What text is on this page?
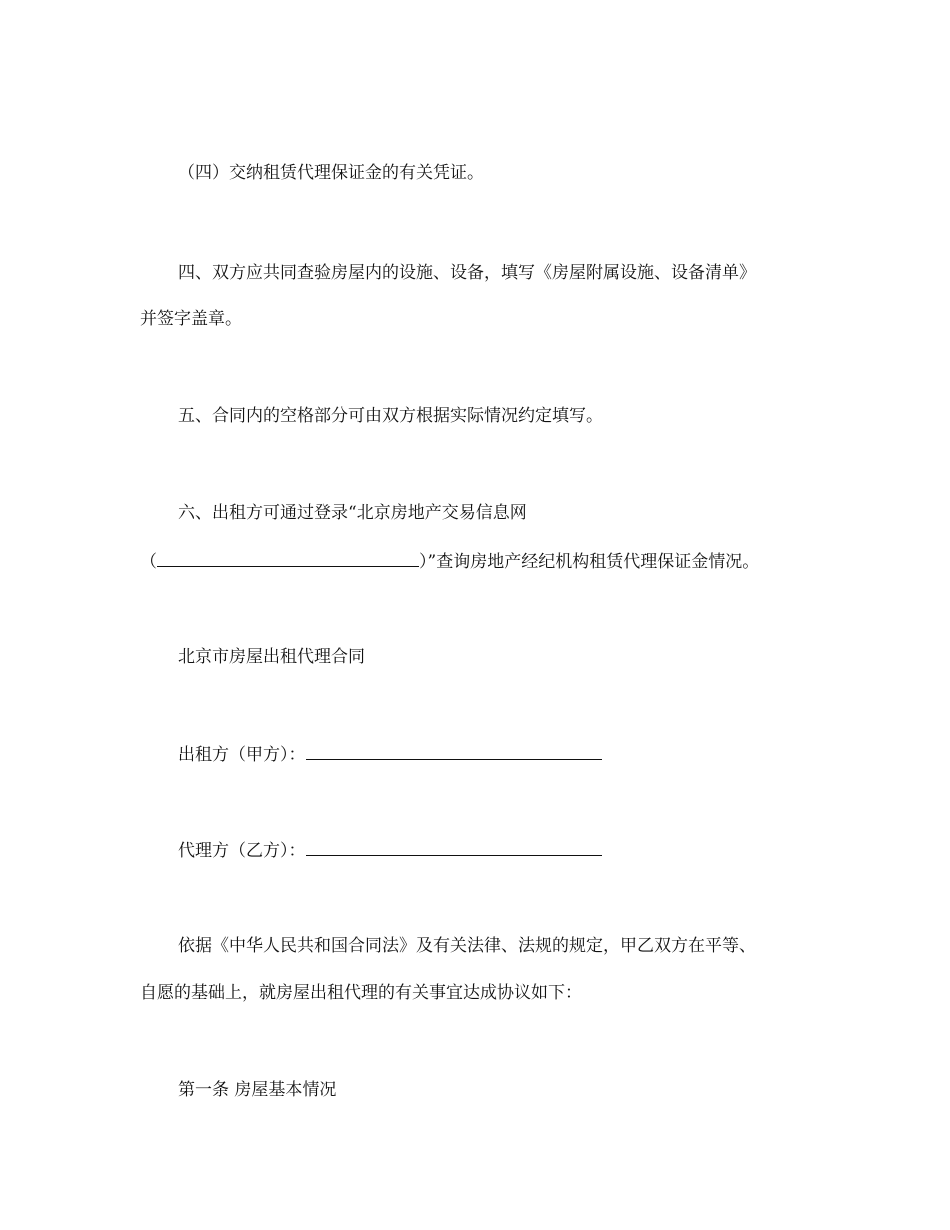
（四）交纳租赁代理保证金的有关凭证。
四、双方应共同查验房屋内的设施、设备，填写《房屋附属设施、设备清单》
并签字盖章。
五、合同内的空格部分可由双方根据实际情况约定填写。
六、出租方可通过登录“北京房地产交易信息网
（	）”查询房地产经纪机构租赁代理保证金情况。
北京市房屋出租代理合同
出租方（甲方）：
代理方（乙方）：
依据《中华人民共和国合同法》及有关法律、法规的规定，甲乙双方在平等、
自愿的基础上，就房屋出租代理的有关事宜达成协议如下：
第一条 房屋基本情况
